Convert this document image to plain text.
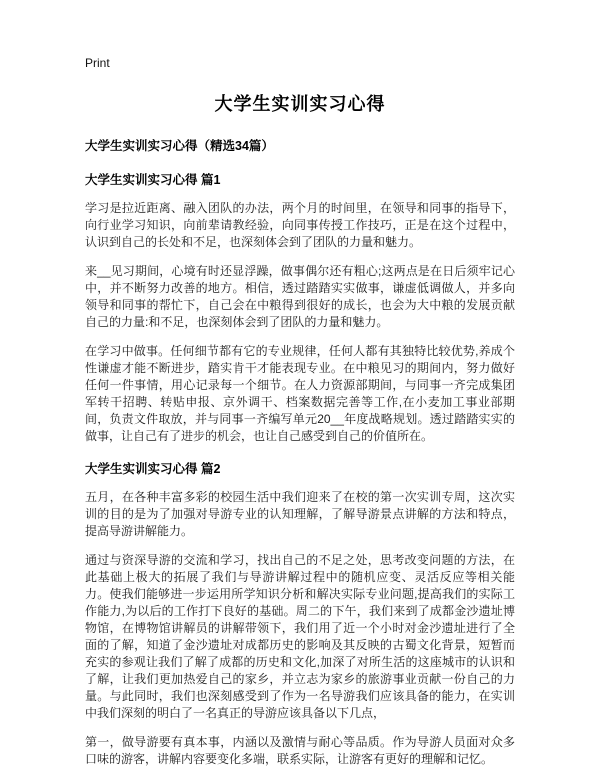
Print
大学生实训实习心得
大学生实训实习心得（精选34篇）
大学生实训实习心得 篇1

学习是拉近距离、融入团队的办法，两个月的时间里，在领导和同事的指导下，向行业学习知识，向前辈请教经验，向同事传授工作技巧，正是在这个过程中，认识到自己的长处和不足，也深刻体会到了团队的力量和魅力。

来__见习期间，心境有时还显浮躁，做事偶尔还有粗心;这两点是在日后须牢记心中，并不断努力改善的地方。相信，透过踏踏实实做事，谦虚低调做人，并多向领导和同事的帮忙下，自己会在中粮得到很好的成长，也会为大中粮的发展贡献自己的力量:和不足，也深刻体会到了团队的力量和魅力。

在学习中做事。任何细节都有它的专业规律，任何人都有其独特比较优势,养成个性谦虚才能不断进步，踏实肯干才能表现专业。在中粮见习的期间内，努力做好任何一件事情，用心记录每一个细节。在人力资源部期间，与同事一齐完成集团军转干招聘、转贴申报、京外调干、档案数据完善等工作,在小麦加工事业部期间，负责文件取放，并与同事一齐编写单元20__年度战略规划。透过踏踏实实的做事，让自己有了进步的机会，也让自己感受到自己的价值所在。

大学生实训实习心得 篇2

五月，在各种丰富多彩的校园生活中我们迎来了在校的第一次实训专周，这次实训的目的是为了加强对导游专业的认知理解，了解导游景点讲解的方法和特点，提高导游讲解能力。

通过与资深导游的交流和学习，找出自己的不足之处，思考改变问题的方法，在此基础上极大的拓展了我们与导游讲解过程中的随机应变、灵活反应等相关能力。使我们能够进一步运用所学知识分析和解决实际专业问题,提高我们的实际工作能力,为以后的工作打下良好的基础。周二的下午，我们来到了成都金沙遗址博物馆，在博物馆讲解员的讲解带领下，我们用了近一个小时对金沙遗址进行了全面的了解，知道了金沙遗址对成都历史的影响及其反映的古蜀文化背景，短暂而充实的参观让我们了解了成都的历史和文化,加深了对所生活的这座城市的认识和了解，让我们更加热爱自己的家乡，并立志为家乡的旅游事业贡献一份自己的力量。与此同时，我们也深刻感受到了作为一名导游我们应该具备的能力，在实训中我们深刻的明白了一名真正的导游应该具备以下几点，

第一，做导游要有真本事，内涵以及激情与耐心等品质。作为导游人员面对众多口味的游客，讲解内容要变化多端，联系实际，让游客有更好的理解和记忆。
